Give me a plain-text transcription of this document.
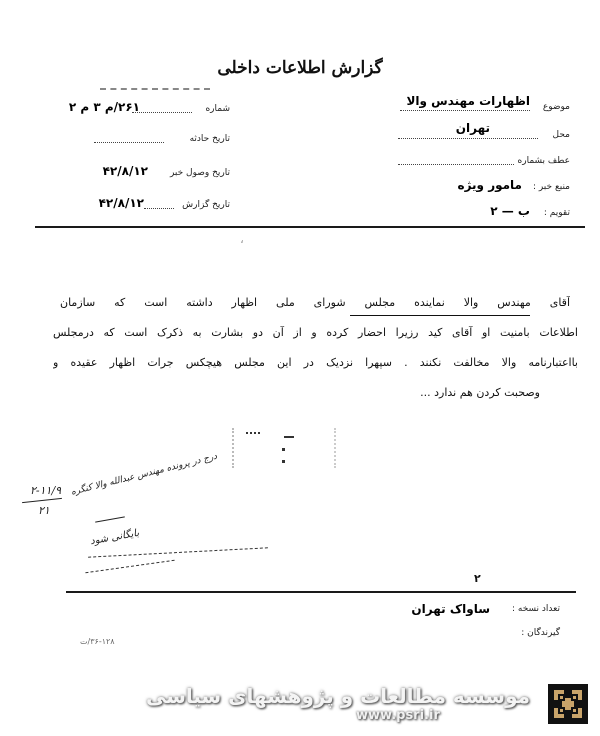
گزارش اطلاعات داخلی
موضوع
اظهارات مهندس والا
محل
تهران
عطف بشماره
منبع خبر :
مامور ویژه
تقویم :
ب — ۲
شماره
۲۶۱/م ۳ م ۲
تاریخ حادثه
تاریخ وصول خبر
۴۲/۸/۱۲
تاریخ گزارش
۴۲/۸/۱۲
،
آقای مهندس والا نماینده مجلس شورای ملی اظهار داشته است که سازمان
اطلاعات بامنیت او آقای کید رزیرا احضار کرده و از آن دو بشارت به ذکرک است که درمجلس
بااعتبارنامه والا مخالفت نکنند . سپهرا نزدیک در این مجلس هیچکس جرات اظهار عقیده و
وصحبت کردن هم ندارد ...
۲-۱۱/۹
۲۱
درج در پرونده مهندس عبدالله والا کنگره
بایگانی شود
۲
تعداد نسخه :
ساواک تهران
گیرندگان :
۳۶-۱۲۸/ت
موسسه مطالعات و پژوهشهای سیاسی
www.psri.ir
